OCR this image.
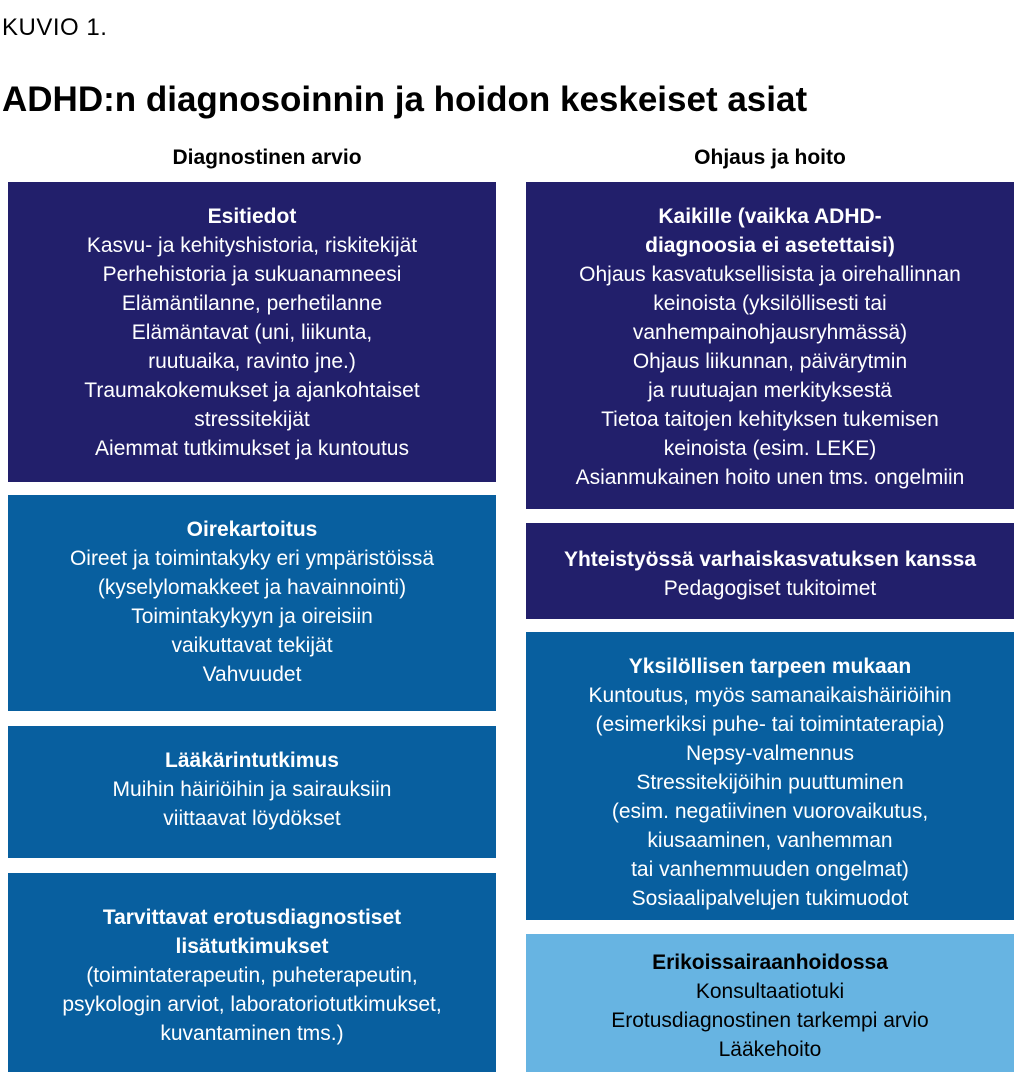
KUVIO 1.
ADHD:n diagnosoinnin ja hoidon keskeiset asiat
Diagnostinen arvio	Ohjaus ja hoito
Esitiedot
Kasvu- ja kehityshistoria, riskitekijät
Perhehistoria ja sukuanamneesi
Elämäntilanne, perhetilanne
Elämäntavat (uni, liikunta,
ruutuaika, ravinto jne.)
Traumakokemukset ja ajankohtaiset
stressitekijät
Aiemmat tutkimukset ja kuntoutus
Oirekartoitus
Oireet ja toimintakyky eri ympäristöissä
(kyselylomakkeet ja havainnointi)
Toimintakykyyn ja oireisiin
vaikuttavat tekijät
Vahvuudet
Lääkärintutkimus
Muihin häiriöihin ja sairauksiin
viittaavat löydökset
Tarvittavat erotusdiagnostiset
lisätutkimukset
(toimintaterapeutin, puheterapeutin,
psykologin arviot, laboratoriotutkimukset,
kuvantaminen tms.)
Kaikille (vaikka ADHD-
diagnoosia ei asetettaisi)
Ohjaus kasvatuksellisista ja oirehallinnan
keinoista (yksilöllisesti tai
vanhempainohjausryhmässä)
Ohjaus liikunnan, päivärytmin
ja ruutuajan merkityksestä
Tietoa taitojen kehityksen tukemisen
keinoista (esim. LEKE)
Asianmukainen hoito unen tms. ongelmiin
Yhteistyössä varhaiskasvatuksen kanssa
Pedagogiset tukitoimet
Yksilöllisen tarpeen mukaan
Kuntoutus, myös samanaikaishäiriöihin
(esimerkiksi puhe- tai toimintaterapia)
Nepsy-valmennus
Stressitekijöihin puuttuminen
(esim. negatiivinen vuorovaikutus,
kiusaaminen, vanhemman
tai vanhemmuuden ongelmat)
Sosiaalipalvelujen tukimuodot
Erikoissairaanhoidossa
Konsultaatiotuki
Erotusdiagnostinen tarkempi arvio
Lääkehoito
